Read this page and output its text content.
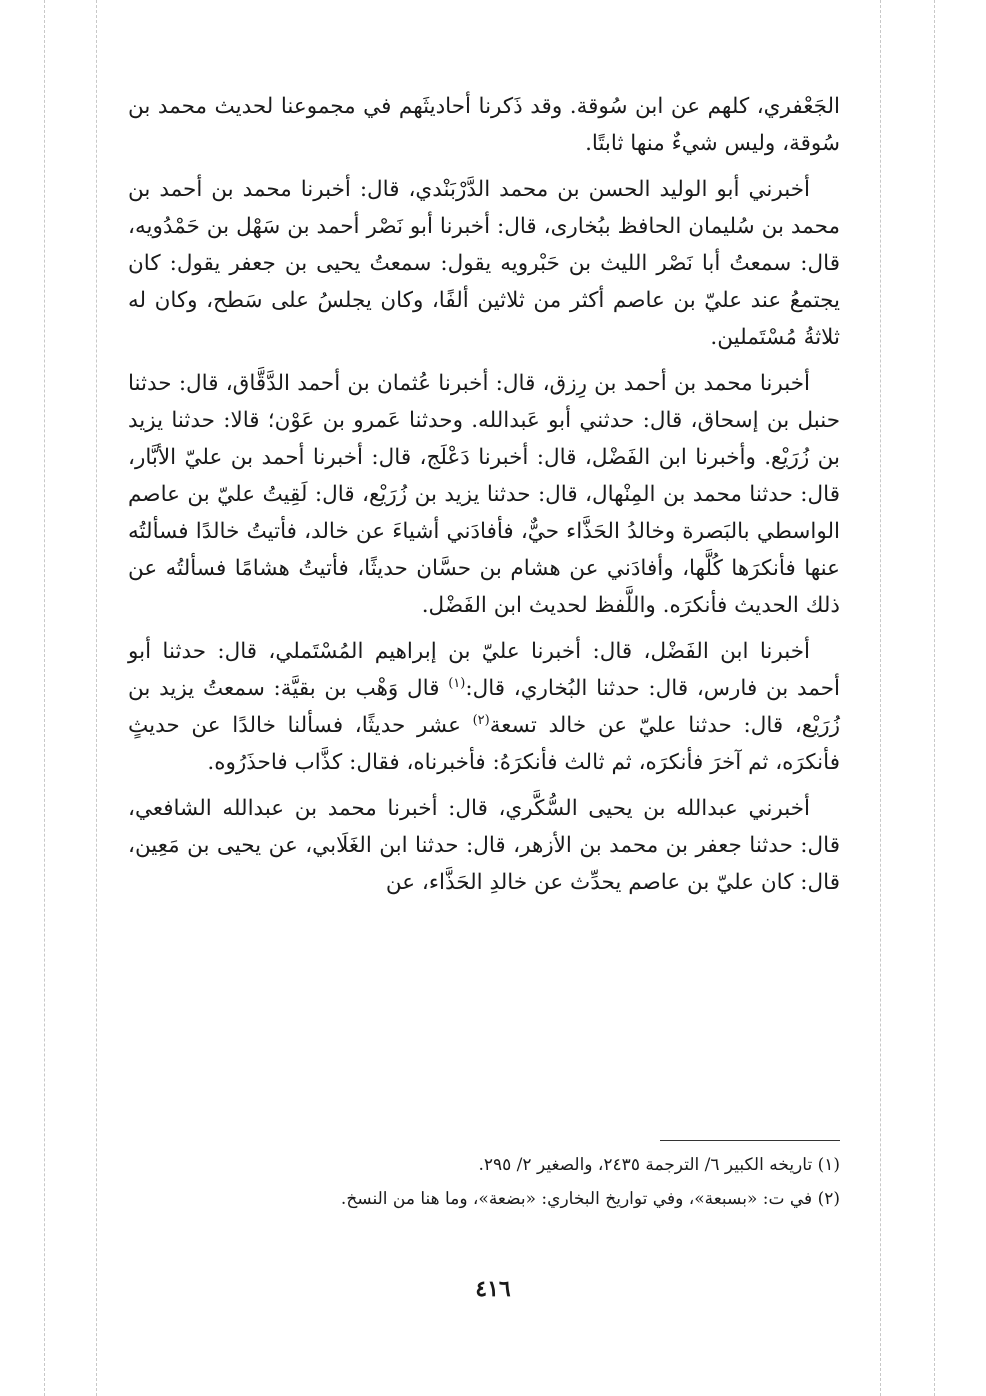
الجَعْفري، كلهم عن ابن سُوقة. وقد ذَكرنا أحاديثَهم في مجموعنا لحديث محمد بن سُوقة، وليس شيءٌ منها ثابتًا.

أخبرني أبو الوليد الحسن بن محمد الدَّرْبَنْدي، قال: أخبرنا محمد بن أحمد بن محمد بن سُليمان الحافظ ببُخارى، قال: أخبرنا أبو نَصْر أحمد بن سَهْل بن حَمْدُويه، قال: سمعتُ أبا نَصْر الليث بن حَبْرويه يقول: سمعتُ يحيى بن جعفر يقول: كان يجتمعُ عند عليّ بن عاصم أكثر من ثلاثين ألفًا، وكان يجلسُ على سَطح، وكان له ثلاثةُ مُسْتَملين.

أخبرنا محمد بن أحمد بن رِزق، قال: أخبرنا عُثمان بن أحمد الدَّقَّاق، قال: حدثنا حنبل بن إسحاق، قال: حدثني أبو عَبدالله. وحدثنا عَمرو بن عَوْن؛ قالا: حدثنا يزيد بن زُرَيْع. وأخبرنا ابن الفَضْل، قال: أخبرنا دَعْلَج، قال: أخبرنا أحمد بن عليّ الأبَّار، قال: حدثنا محمد بن المِنْهال، قال: حدثنا يزيد بن زُرَيْع، قال: لَقِيتُ عليّ بن عاصم الواسطي بالبَصرة وخالدُ الحَذَّاء حيٌّ، فأفادَني أشياءَ عن خالد، فأتيتُ خالدًا فسألتُه عنها فأنكرَها كُلَّها، وأفادَني عن هشام بن حسَّان حديثًا، فأتيتُ هشامًا فسألتُه عن ذلك الحديث فأنكرَه. واللَّفظ لحديث ابن الفَضْل.

أخبرنا ابن الفَضْل، قال: أخبرنا عليّ بن إبراهيم المُسْتَملي، قال: حدثنا أبو أحمد بن فارس، قال: حدثنا البُخاري، قال:$^{(١)}$ قال وَهْب بن بقيَّة: سمعتُ يزيد بن زُرَيْع، قال: حدثنا عليّ عن خالد تسعة$^{(٢)}$ عشر حديثًا، فسألنا خالدًا عن حديثٍ فأنكرَه، ثم آخرَ فأنكرَه، ثم ثالث فأنكرَهُ: فأخبرناه، فقال: كذَّاب فاحذَرُوه.

أخبرني عبدالله بن يحيى السُّكَّري، قال: أخبرنا محمد بن عبدالله الشافعي، قال: حدثنا جعفر بن محمد بن الأزهر، قال: حدثنا ابن الغَلَابي، عن يحيى بن مَعِين، قال: كان عليّ بن عاصم يحدِّث عن خالدِ الحَذَّاء، عن

(١) تاريخه الكبير ٦/ الترجمة ٢٤٣٥، والصغير ٢/ ٢٩٥.

(٢) في ت: «بسبعة»، وفي تواريخ البخاري: «بضعة»، وما هنا من النسخ.

٤١٦
